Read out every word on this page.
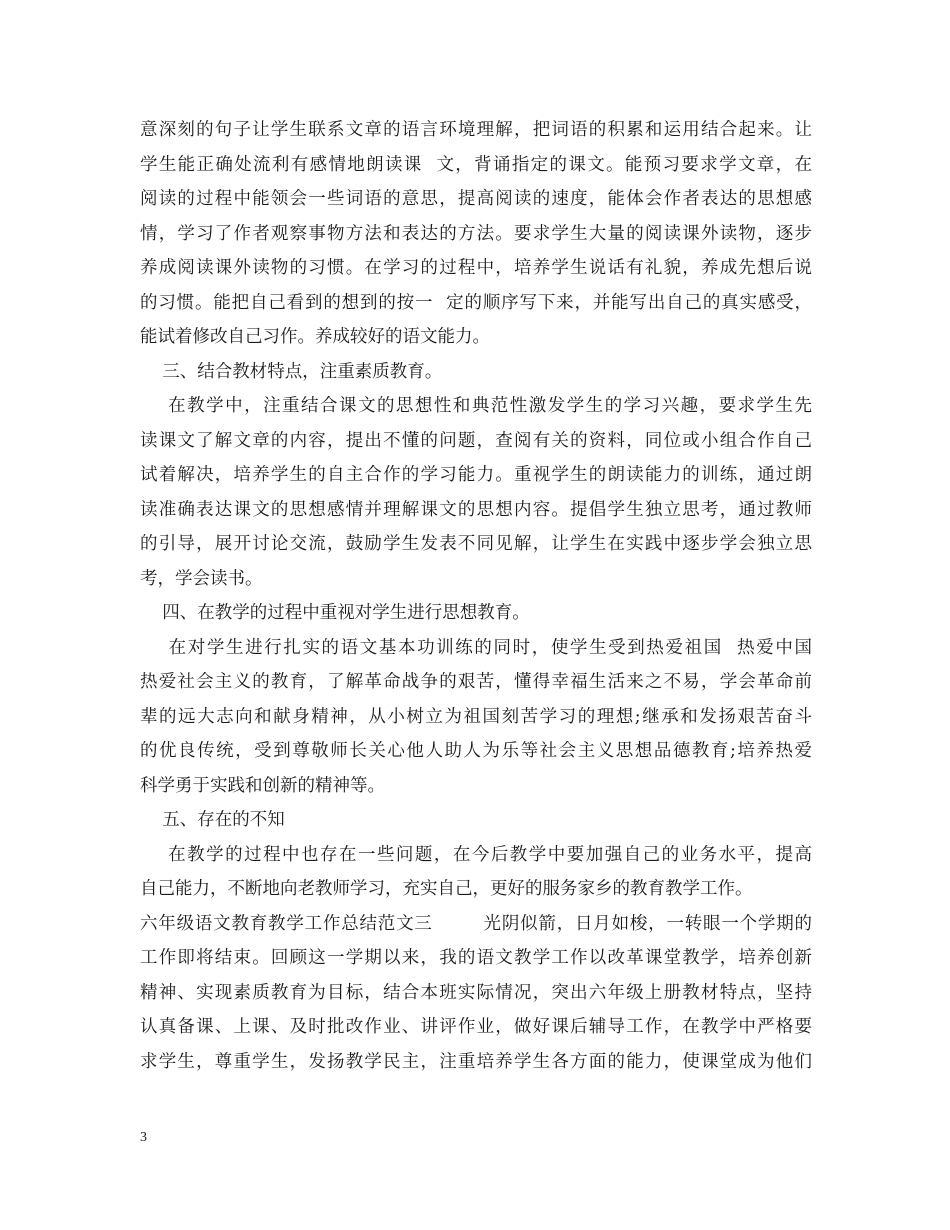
意深刻的句子让学生联系文章的语言环境理解，把词语的积累和运用结合起来。让
学生能正确处流利有感情地朗读课  文，背诵指定的课文。能预习要求学文章，在
阅读的过程中能领会一些词语的意思，提高阅读的速度，能体会作者表达的思想感
情，学习了作者观察事物方法和表达的方法。要求学生大量的阅读课外读物，逐步
养成阅读课外读物的习惯。在学习的过程中，培养学生说话有礼貌，养成先想后说
的习惯。能把自己看到的想到的按一  定的顺序写下来，并能写出自己的真实感受，
能试着修改自己习作。养成较好的语文能力。
三、结合教材特点，注重素质教育。
在教学中，注重结合课文的思想性和典范性激发学生的学习兴趣，要求学生先
读课文了解文章的内容，提出不懂的问题，查阅有关的资料，同位或小组合作自己
试着解决，培养学生的自主合作的学习能力。重视学生的朗读能力的训练，通过朗
读准确表达课文的思想感情并理解课文的思想内容。提倡学生独立思考，通过教师
的引导，展开讨论交流，鼓励学生发表不同见解，让学生在实践中逐步学会独立思
考，学会读书。
四、在教学的过程中重视对学生进行思想教育。
在对学生进行扎实的语文基本功训练的同时，使学生受到热爱祖国  热爱中国
热爱社会主义的教育，了解革命战争的艰苦，懂得幸福生活来之不易，学会革命前
辈的远大志向和献身精神，从小树立为祖国刻苦学习的理想;继承和发扬艰苦奋斗
的优良传统，受到尊敬师长关心他人助人为乐等社会主义思想品德教育;培养热爱
科学勇于实践和创新的精神等。
五、存在的不知
在教学的过程中也存在一些问题，在今后教学中要加强自己的业务水平，提高
自己能力，不断地向老教师学习，充实自己，更好的服务家乡的教育教学工作。
六年级语文教育教学工作总结范文三        光阴似箭，日月如梭，一转眼一个学期的
工作即将结束。回顾这一学期以来，我的语文教学工作以改革课堂教学，培养创新
精神、实现素质教育为目标，结合本班实际情况，突出六年级上册教材特点，坚持
认真备课、上课、及时批改作业、讲评作业，做好课后辅导工作，在教学中严格要
求学生，尊重学生，发扬教学民主，注重培养学生各方面的能力，使课堂成为他们
3
